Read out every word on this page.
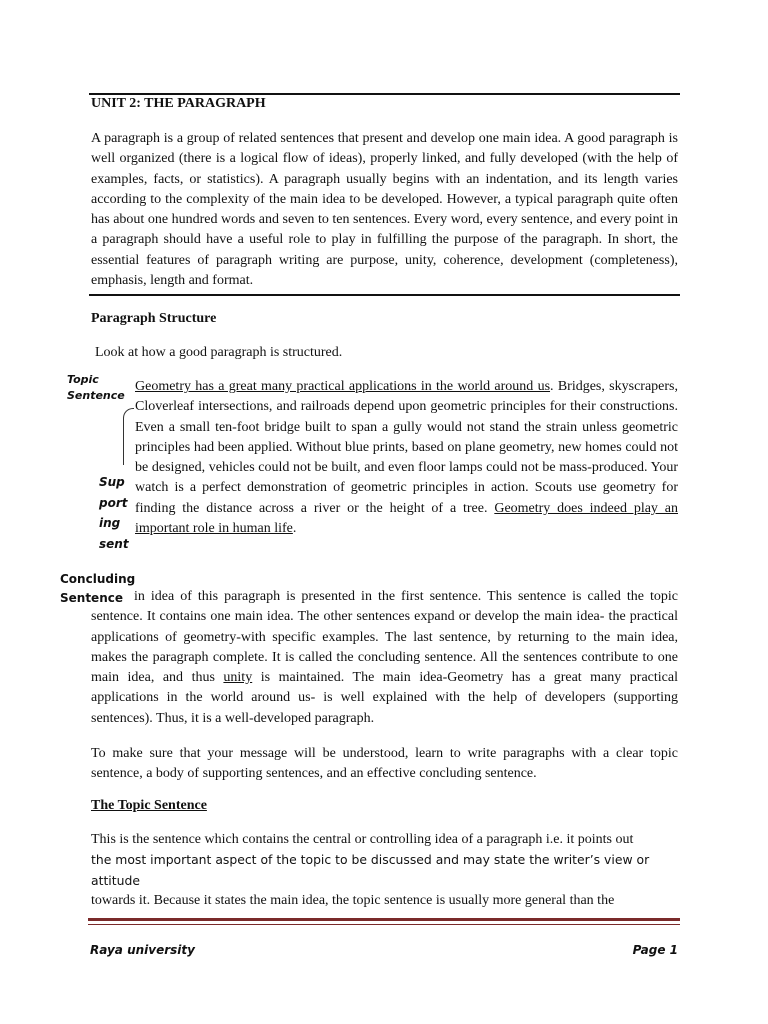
UNIT 2: THE PARAGRAPH
A paragraph is a group of related sentences that present and develop one main idea. A good paragraph is well organized (there is a logical flow of ideas), properly linked, and fully developed (with the help of examples, facts, or statistics). A paragraph usually begins with an indentation, and its length varies according to the complexity of the main idea to be developed. However, a typical paragraph quite often has about one hundred words and seven to ten sentences. Every word, every sentence, and every point in a paragraph should have a useful role to play in fulfilling the purpose of the paragraph. In short, the essential features of paragraph writing are purpose, unity, coherence, development (completeness), emphasis, length and format.
Paragraph Structure
Look at how a good paragraph is structured.
Topic
Sentence
Sup
port
ing
sent
Concluding
Sentence
Geometry has a great many practical applications in the world around us. Bridges, skyscrapers, Cloverleaf intersections, and railroads depend upon geometric principles for their constructions. Even a small ten-foot bridge built to span a gully would not stand the strain unless geometric principles had been applied. Without blue prints, based on plane geometry, new homes could not be designed, vehicles could not be built, and even floor lamps could not be mass-produced. Your watch is a perfect demonstration of geometric principles in action. Scouts use geometry for finding the distance across a river or the height of a tree. Geometry does indeed play an important role in human life.
in idea of this paragraph is presented in the first sentence. This sentence is called the topic sentence. It contains one main idea. The other sentences expand or develop the main idea- the practical applications of geometry-with specific examples. The last sentence, by returning to the main idea, makes the paragraph complete. It is called the concluding sentence. All the sentences contribute to one main idea, and thus unity is maintained. The main idea-Geometry has a great many practical applications in the world around us- is well explained with the help of developers (supporting sentences). Thus, it is a well-developed paragraph.
To make sure that your message will be understood, learn to write paragraphs with a clear topic sentence, a body of supporting sentences, and an effective concluding sentence.
The Topic Sentence
This is the sentence which contains the central or controlling idea of a paragraph i.e. it points out
the most important aspect of the topic to be discussed and may state the writer’s view or attitude
towards it. Because it states the main idea, the topic sentence is usually more general than the
Raya university	Page 1
